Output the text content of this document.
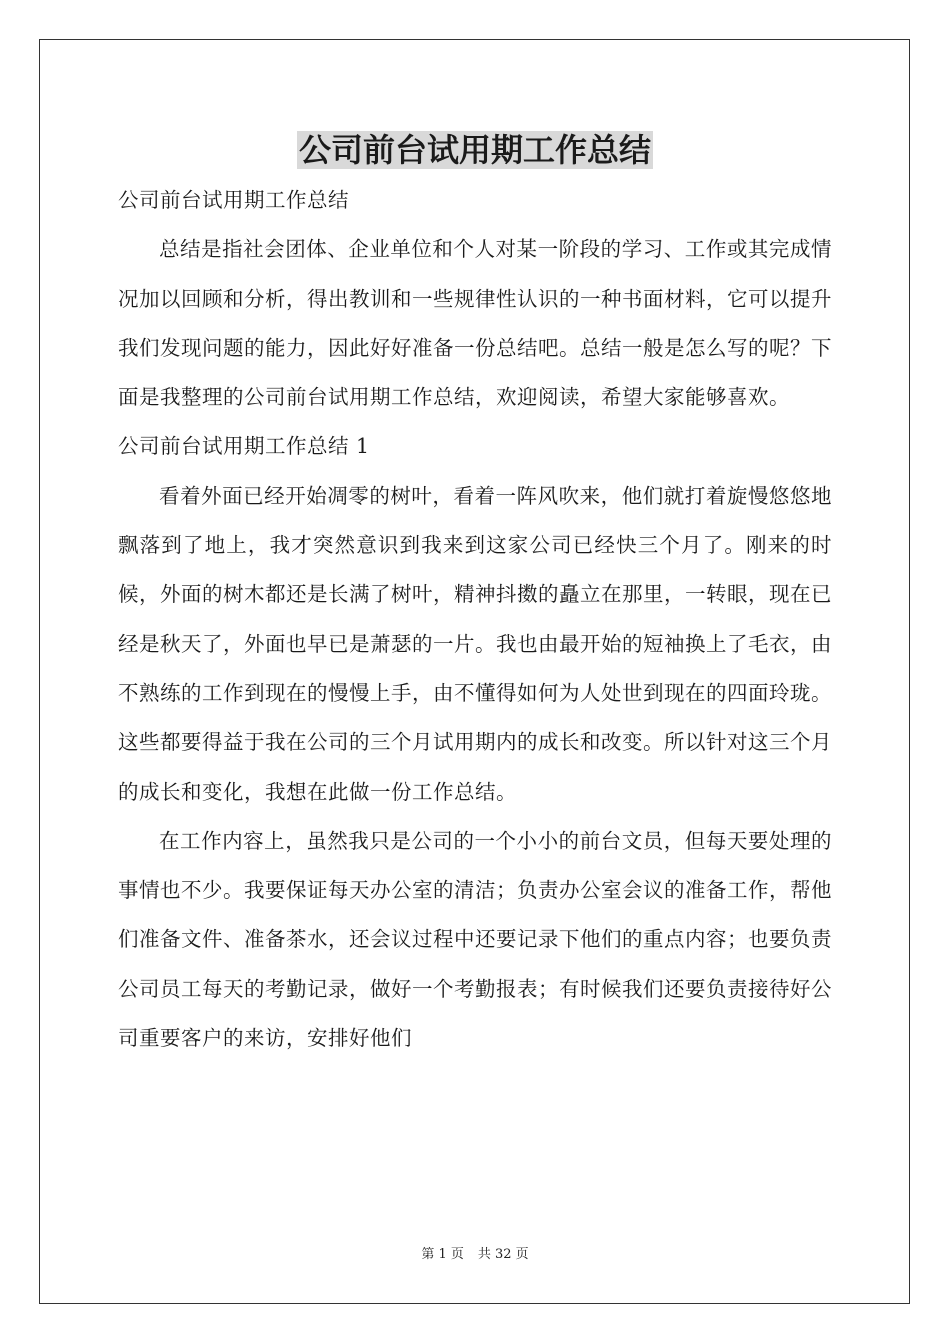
公司前台试用期工作总结

公司前台试用期工作总结

总结是指社会团体、企业单位和个人对某一阶段的学习、工作或其完成情况加以回顾和分析，得出教训和一些规律性认识的一种书面材料，它可以提升我们发现问题的能力，因此好好准备一份总结吧。总结一般是怎么写的呢？下面是我整理的公司前台试用期工作总结，欢迎阅读，希望大家能够喜欢。

公司前台试用期工作总结 1

看着外面已经开始凋零的树叶，看着一阵风吹来，他们就打着旋慢悠悠地飘落到了地上，我才突然意识到我来到这家公司已经快三个月了。刚来的时候，外面的树木都还是长满了树叶，精神抖擞的矗立在那里，一转眼，现在已经是秋天了，外面也早已是萧瑟的一片。我也由最开始的短袖换上了毛衣，由不熟练的工作到现在的慢慢上手，由不懂得如何为人处世到现在的四面玲珑。这些都要得益于我在公司的三个月试用期内的成长和改变。所以针对这三个月的成长和变化，我想在此做一份工作总结。

在工作内容上，虽然我只是公司的一个小小的前台文员，但每天要处理的事情也不少。我要保证每天办公室的清洁；负责办公室会议的准备工作，帮他们准备文件、准备茶水，还会议过程中还要记录下他们的重点内容；也要负责公司员工每天的考勤记录，做好一个考勤报表；有时候我们还要负责接待好公司重要客户的来访，安排好他们

第 1 页 共 32 页
